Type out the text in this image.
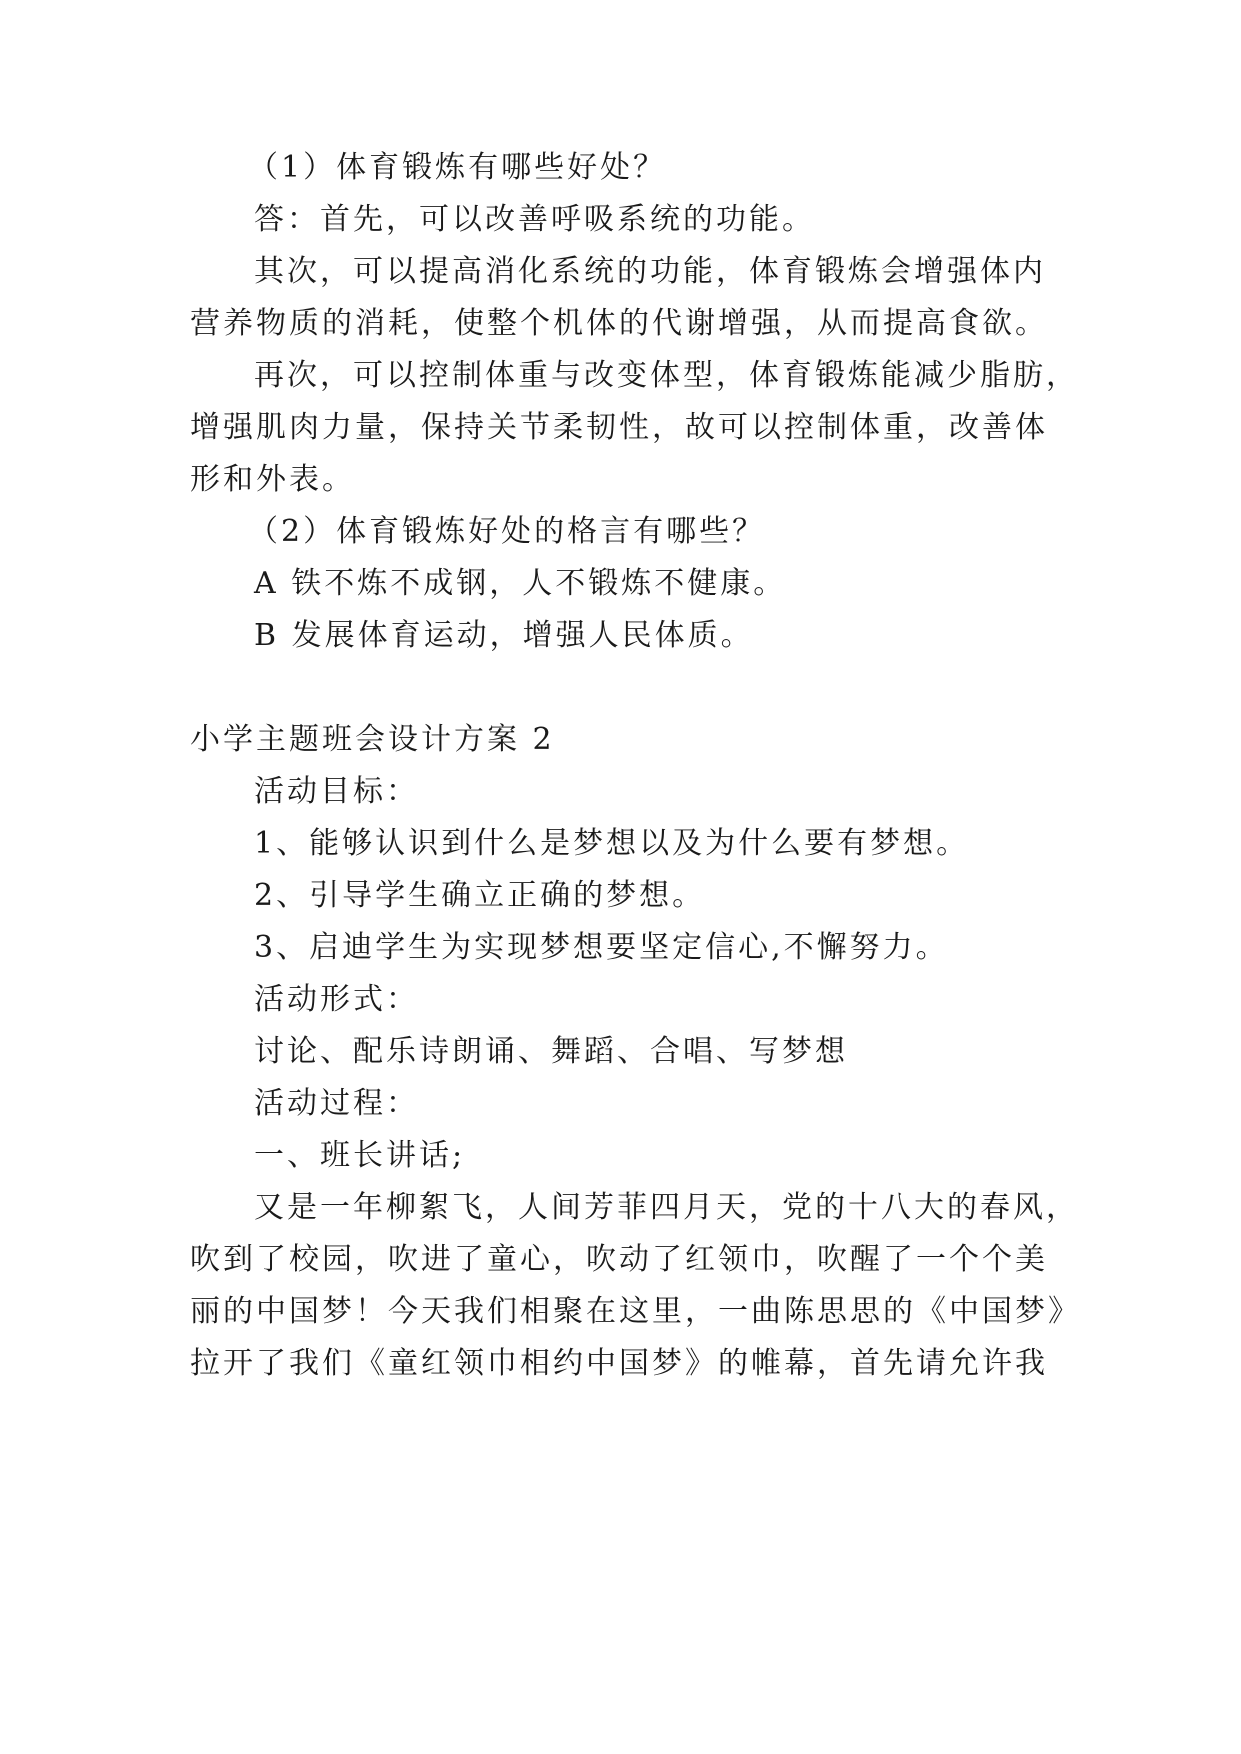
（1）体育锻炼有哪些好处？
答：首先，可以改善呼吸系统的功能。
其次，可以提高消化系统的功能，体育锻炼会增强体内
营养物质的消耗，使整个机体的代谢增强，从而提高食欲。
再次，可以控制体重与改变体型，体育锻炼能减少脂肪，
增强肌肉力量，保持关节柔韧性，故可以控制体重，改善体
形和外表。
（2）体育锻炼好处的格言有哪些？
A 铁不炼不成钢，人不锻炼不健康。
B 发展体育运动，增强人民体质。
小学主题班会设计方案 2
活动目标：
1、能够认识到什么是梦想以及为什么要有梦想。
2、引导学生确立正确的梦想。
3、启迪学生为实现梦想要坚定信心,不懈努力。
活动形式：
讨论、配乐诗朗诵、舞蹈、合唱、写梦想
活动过程：
一、班长讲话;
又是一年柳絮飞，人间芳菲四月天，党的十八大的春风，
吹到了校园，吹进了童心，吹动了红领巾，吹醒了一个个美
丽的中国梦！今天我们相聚在这里，一曲陈思思的《中国梦》
拉开了我们《童红领巾相约中国梦》的帷幕，首先请允许我
